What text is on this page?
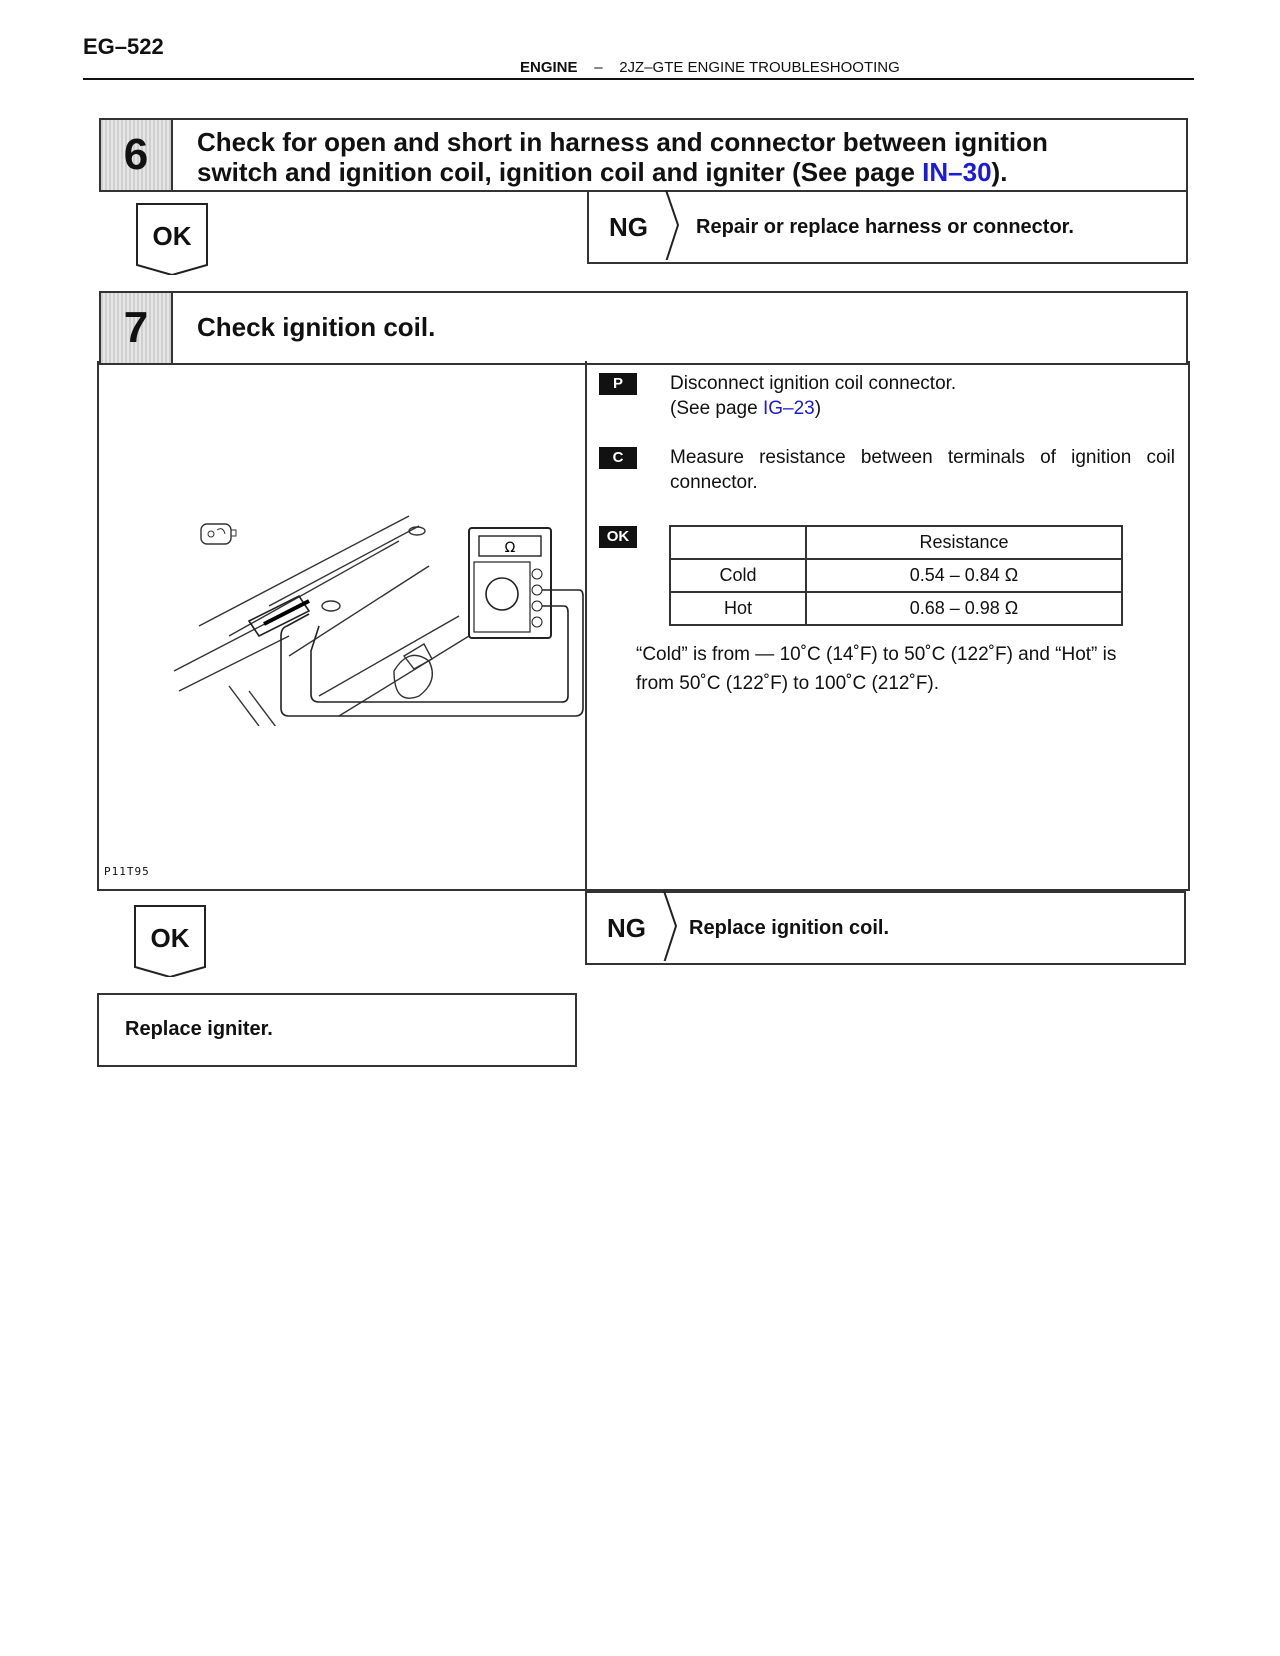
EG–522
ENGINE – 2JZ–GTE ENGINE TROUBLESHOOTING
6	Check for open and short in harness and connector between ignition
switch and ignition coil, ignition coil and igniter (See page IN–30).
OK	NG Repair or replace harness or connector.
7	Check ignition coil.
Ω
P11T95
P	Disconnect ignition coil connector.
(See page IG–23)
C	Measure resistance between terminals of ignition coil connector.
OK
		Resistance
Cold	0.54 – 0.84 Ω
Hot	0.68 – 0.98 Ω
“Cold” is from — 10˚C (14˚F) to 50˚C (122˚F) and “Hot” is
from 50˚C (122˚F) to 100˚C (212˚F).
OK	NG Replace ignition coil.
Replace igniter.
